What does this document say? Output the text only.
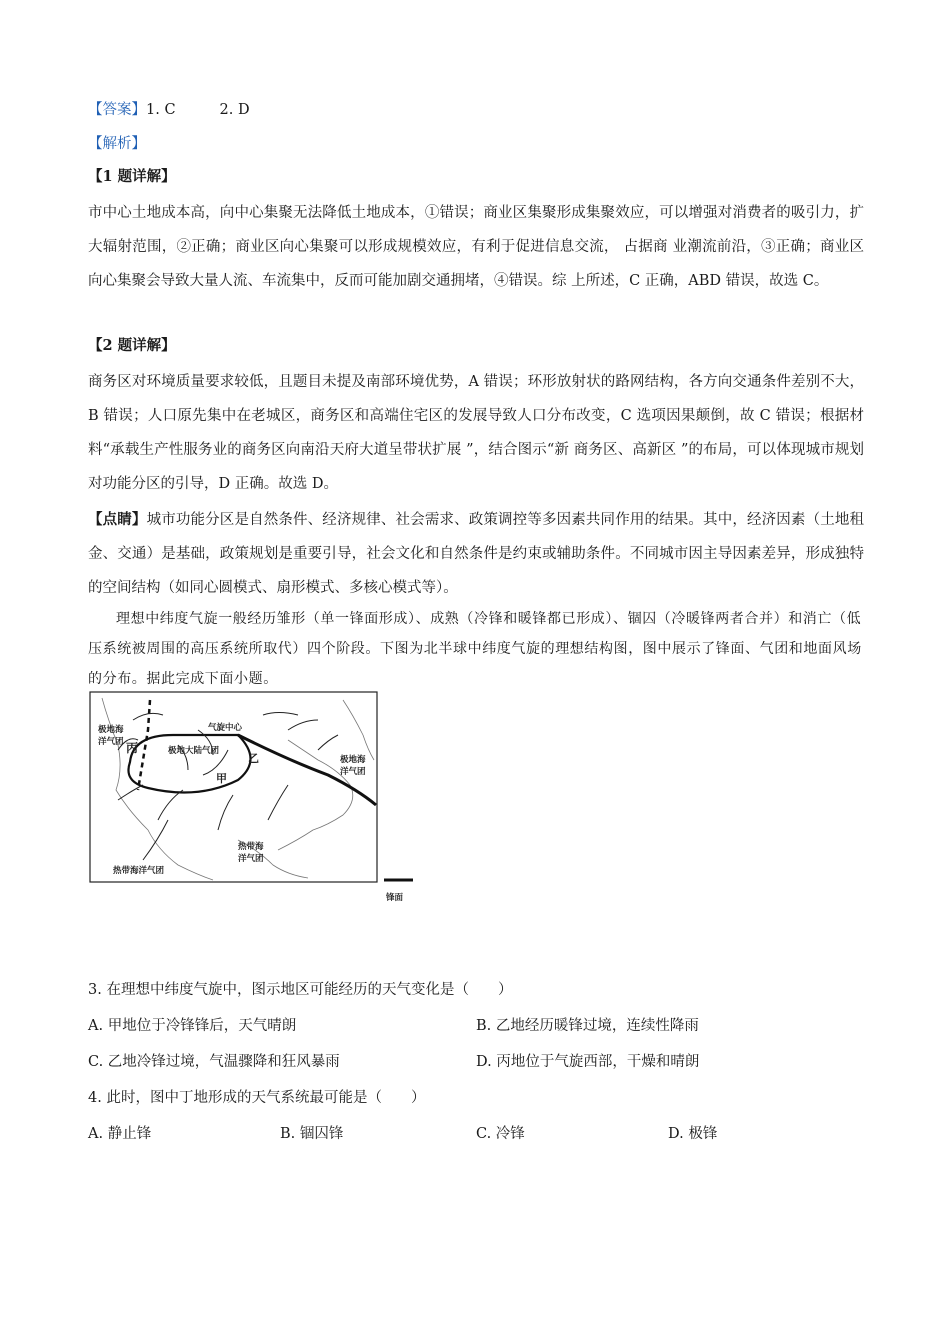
【答案】1. C	2. D
【解析】
【1 题详解】
市中心土地成本高，向中心集聚无法降低土地成本，①错误；商业区集聚形成集聚效应，可以增强对消费者的吸引力，扩大辐射范围，②正确；商业区向心集聚可以形成规模效应，有利于促进信息交流， 占据商 业潮流前沿，③正确；商业区向心集聚会导致大量人流、车流集中，反而可能加剧交通拥堵，④错误。综 上所述，C 正确，ABD 错误，故选 C。
【2 题详解】
商务区对环境质量要求较低，且题目未提及南部环境优势，A 错误；环形放射状的路网结构，各方向交通条件差别不大，B 错误；人口原先集中在老城区，商务区和高端住宅区的发展导致人口分布改变，C 选项因果颠倒，故 C 错误；根据材料“承载生产性服务业的商务区向南沿天府大道呈带状扩展 ”，结合图示“新 商务区、高新区 ”的布局，可以体现城市规划对功能分区的引导，D 正确。故选 D。
【点睛】城市功能分区是自然条件、经济规律、社会需求、政策调控等多因素共同作用的结果。其中，经济因素（土地租金、交通）是基础，政策规划是重要引导，社会文化和自然条件是约束或辅助条件。不同城市因主导因素差异，形成独特的空间结构（如同心圆模式、扇形模式、多核心模式等）。
理想中纬度气旋一般经历雏形（单一锋面形成）、成熟（冷锋和暖锋都已形成）、锢囚（冷暖锋两者合并）和消亡（低压系统被周围的高压系统所取代）四个阶段。下图为北半球中纬度气旋的理想结构图，图中展示了锋面、气团和地面风场的分布。据此完成下面小题。
极地海
洋气团 丙	极地大陆气团
气旋中心
甲
乙	极地海
洋气团
热带海
洋气团
热带海洋气团
锋面
3. 在理想中纬度气旋中，图示地区可能经历的天气变化是（　　）
A. 甲地位于冷锋锋后，天气晴朗	B. 乙地经历暖锋过境，连续性降雨
C. 乙地冷锋过境，气温骤降和狂风暴雨	D. 丙地位于气旋西部，干燥和晴朗
4. 此时，图中丁地形成的天气系统最可能是（　　）
A. 静止锋	B. 锢囚锋	C. 冷锋	D. 极锋
